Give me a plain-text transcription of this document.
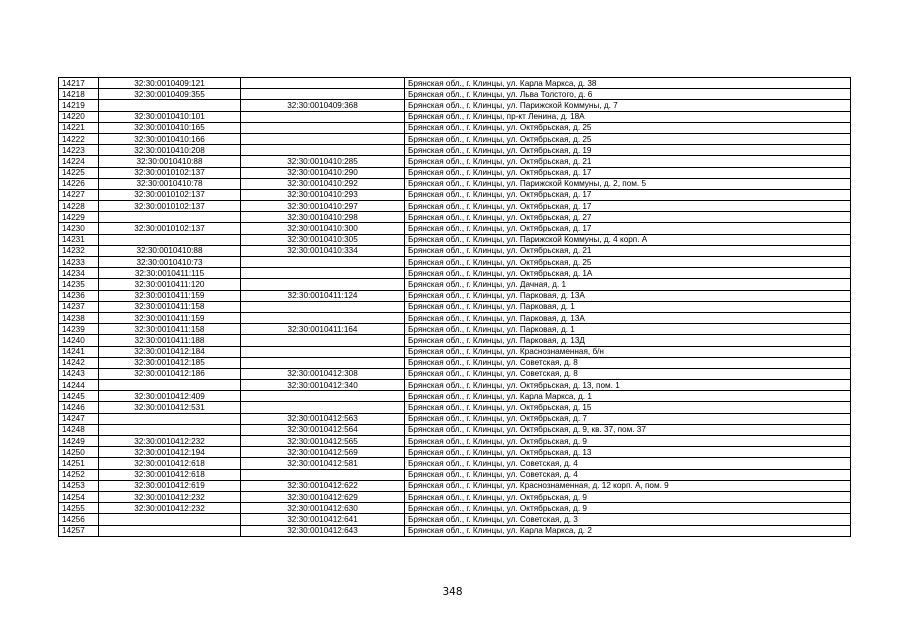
14217	32:30:0010409:121		Брянская обл., г. Клинцы, ул. Карла Маркса, д. 38
14218	32:30:0010409:355		Брянская обл., г. Клинцы, ул. Льва Толстого, д. 6
14219		32:30:0010409:368	Брянская обл., г. Клинцы, ул. Парижской Коммуны, д. 7
14220	32:30:0010410:101		Брянская обл., г. Клинцы, пр-кт Ленина, д. 18А
14221	32:30:0010410:165		Брянская обл., г. Клинцы, ул. Октябрьская, д. 25
14222	32:30:0010410:166		Брянская обл., г. Клинцы, ул. Октябрьская, д. 25
14223	32:30:0010410:208		Брянская обл., г. Клинцы, ул. Октябрьская, д. 19
14224	32:30:0010410:88	32:30:0010410:285	Брянская обл., г. Клинцы, ул. Октябрьская, д. 21
14225	32:30:0010102:137	32:30:0010410:290	Брянская обл., г. Клинцы, ул. Октябрьская, д. 17
14226	32:30:0010410:78	32:30:0010410:292	Брянская обл., г. Клинцы, ул. Парижской Коммуны, д. 2, пом. 5
14227	32:30:0010102:137	32:30:0010410:293	Брянская обл., г. Клинцы, ул. Октябрьская, д. 17
14228	32:30:0010102:137	32:30:0010410:297	Брянская обл., г. Клинцы, ул. Октябрьская, д. 17
14229		32:30:0010410:298	Брянская обл., г. Клинцы, ул. Октябрьская, д. 27
14230	32:30:0010102:137	32:30:0010410:300	Брянская обл., г. Клинцы, ул. Октябрьская, д. 17
14231		32:30:0010410:305	Брянская обл., г. Клинцы, ул. Парижской Коммуны, д. 4 корп. А
14232	32:30:0010410:88	32:30:0010410:334	Брянская обл., г. Клинцы, ул. Октябрьская, д. 21
14233	32:30:0010410:73		Брянская обл., г. Клинцы, ул. Октябрьская, д. 25
14234	32:30:0010411:115		Брянская обл., г. Клинцы, ул. Октябрьская, д. 1А
14235	32:30:0010411:120		Брянская обл., г. Клинцы, ул. Дачная, д. 1
14236	32:30:0010411:159	32:30:0010411:124	Брянская обл., г. Клинцы, ул. Парковая, д. 13А
14237	32:30:0010411:158		Брянская обл., г. Клинцы, ул. Парковая, д. 1
14238	32:30:0010411:159		Брянская обл., г. Клинцы, ул. Парковая, д. 13А
14239	32:30:0010411:158	32:30:0010411:164	Брянская обл., г. Клинцы, ул. Парковая, д. 1
14240	32:30:0010411:188		Брянская обл., г. Клинцы, ул. Парковая, д. 13Д
14241	32:30:0010412:184		Брянская обл., г. Клинцы, ул. Краснознаменная, б/н
14242	32:30:0010412:185		Брянская обл., г. Клинцы, ул. Советская, д. 8
14243	32:30:0010412:186	32:30:0010412:308	Брянская обл., г. Клинцы, ул. Советская, д. 8
14244		32:30:0010412:340	Брянская обл., г. Клинцы, ул. Октябрьская, д. 13, пом. 1
14245	32:30:0010412:409		Брянская обл., г. Клинцы, ул. Карла Маркса, д. 1
14246	32:30:0010412:531		Брянская обл., г. Клинцы, ул. Октябрьская, д. 15
14247		32:30:0010412:563	Брянская обл., г. Клинцы, ул. Октябрьская, д. 7
14248		32:30:0010412:564	Брянская обл., г. Клинцы, ул. Октябрьская, д. 9, кв. 37, пом. 37
14249	32:30:0010412:232	32:30:0010412:565	Брянская обл., г. Клинцы, ул. Октябрьская, д. 9
14250	32:30:0010412:194	32:30:0010412:569	Брянская обл., г. Клинцы, ул. Октябрьская, д. 13
14251	32:30:0010412:618	32:30:0010412:581	Брянская обл., г. Клинцы, ул. Советская, д. 4
14252	32:30:0010412:618		Брянская обл., г. Клинцы, ул. Советская, д. 4
14253	32:30:0010412:619	32:30:0010412:622	Брянская обл., г. Клинцы, ул. Краснознаменная, д. 12 корп. А, пом. 9
14254	32:30:0010412:232	32:30:0010412:629	Брянская обл., г. Клинцы, ул. Октябрьская, д. 9
14255	32:30:0010412:232	32:30:0010412:630	Брянская обл., г. Клинцы, ул. Октябрьская, д. 9
14256		32:30:0010412:641	Брянская обл., г. Клинцы, ул. Советская, д. 3
14257		32:30:0010412:643	Брянская обл., г. Клинцы, ул. Карла Маркса, д. 2
348
